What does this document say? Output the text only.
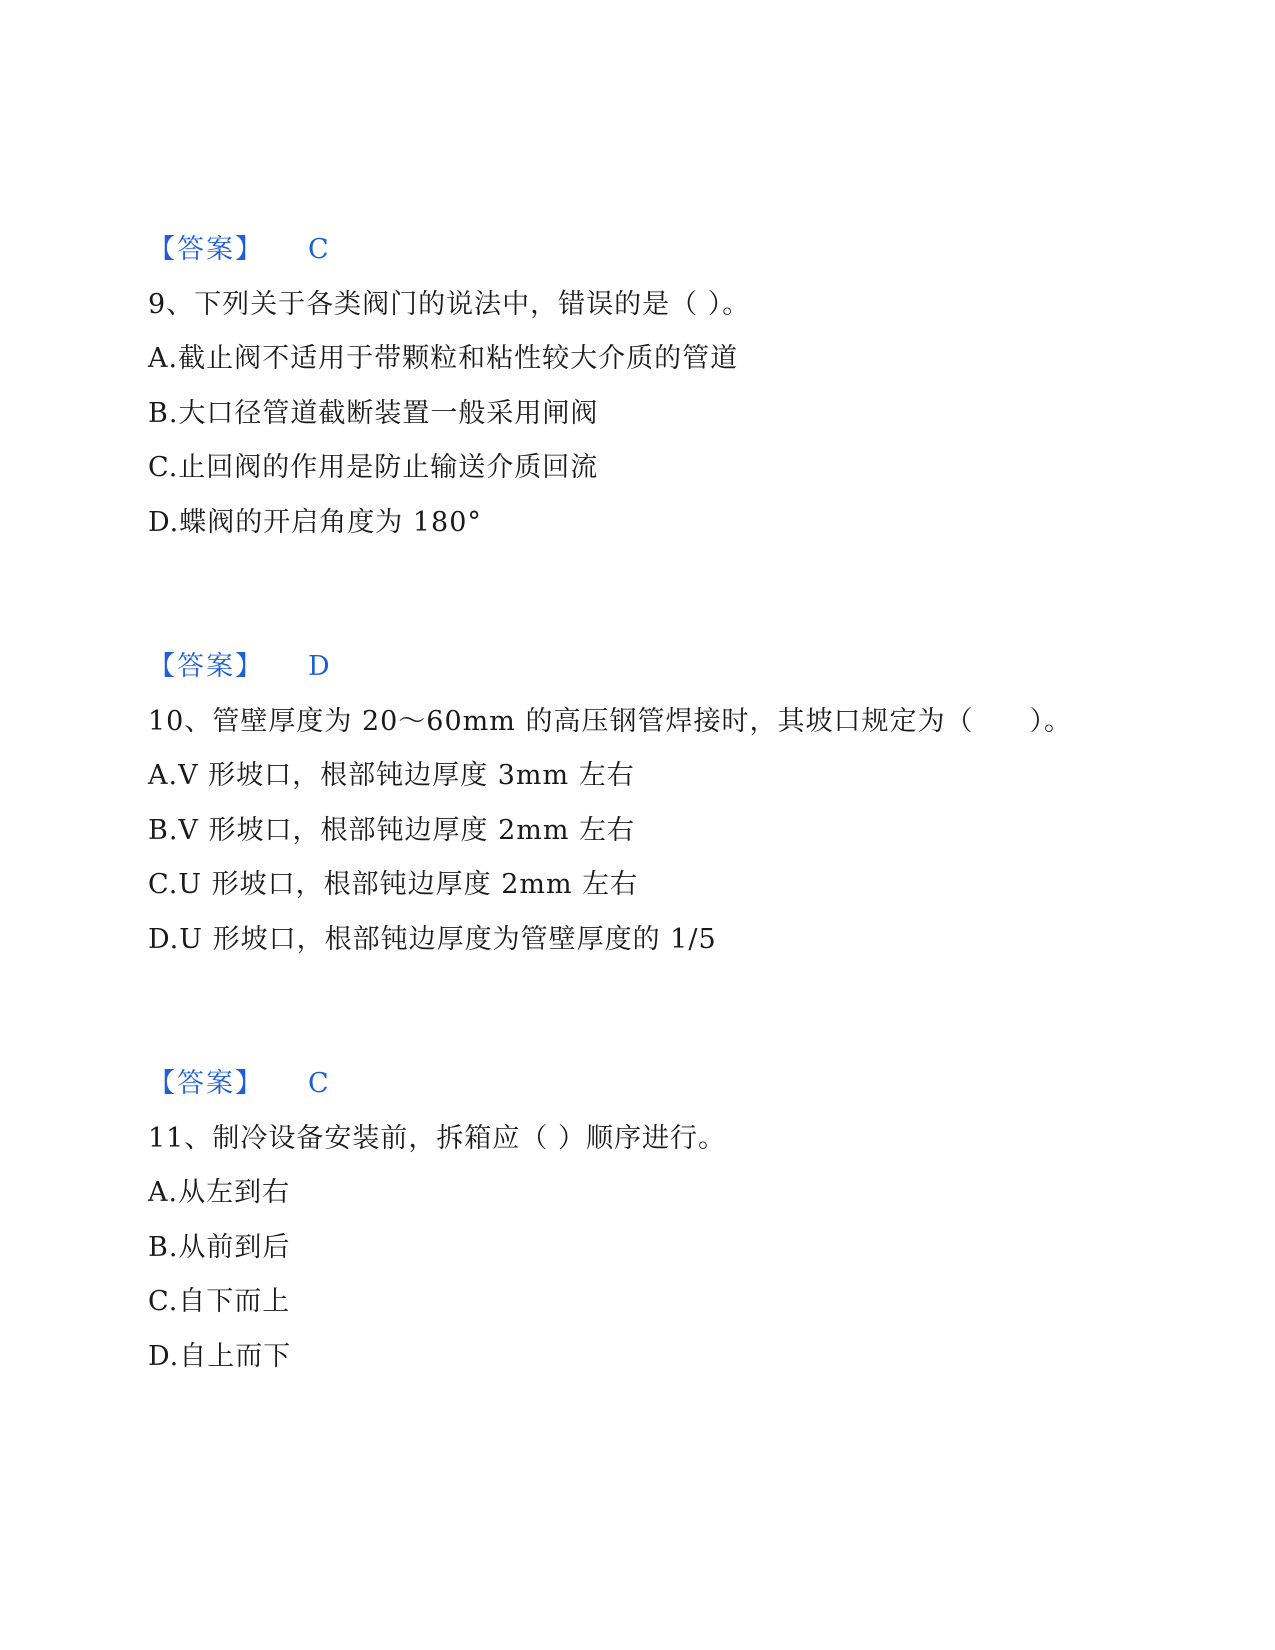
【答案】 C
9、下列关于各类阀门的说法中，错误的是（ ）。
A.截止阀不适用于带颗粒和粘性较大介质的管道
B.大口径管道截断装置一般采用闸阀
C.止回阀的作用是防止输送介质回流
D.蝶阀的开启角度为 180°
【答案】 D
10、管壁厚度为 20～60mm 的高压钢管焊接时，其坡口规定为（　　）。
A.V 形坡口，根部钝边厚度 3mm 左右
B.V 形坡口，根部钝边厚度 2mm 左右
C.U 形坡口，根部钝边厚度 2mm 左右
D.U 形坡口，根部钝边厚度为管壁厚度的 1/5
【答案】 C
11、制冷设备安装前，拆箱应（ ）顺序进行。
A.从左到右
B.从前到后
C.自下而上
D.自上而下
